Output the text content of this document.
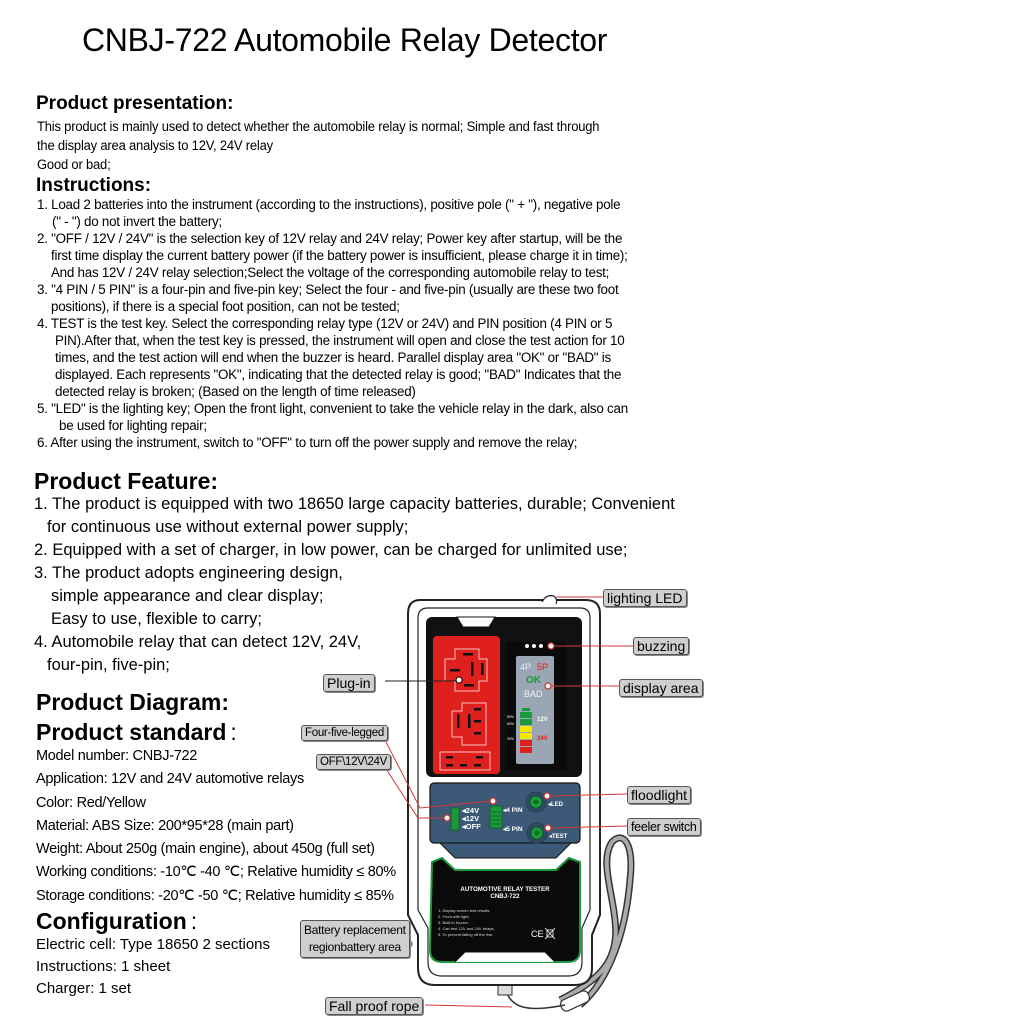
CNBJ-722 Automobile Relay Detector
Product presentation:
This product is mainly used to detect whether the automobile relay is normal; Simple and fast through
the display area analysis to 12V, 24V relay
Good or bad;
Instructions:
1. Load 2 batteries into the instrument (according to the instructions), positive pole (" + "), negative pole
(" - ") do not invert the battery;
2. "OFF / 12V / 24V" is the selection key of 12V relay and 24V relay; Power key after startup, will be the
first time display the current battery power (if the battery power is insufficient, please charge it in time);
And has 12V / 24V relay selection;Select the voltage of the corresponding automobile relay to test;
3. "4 PIN / 5 PIN" is a four-pin and five-pin key; Select the four - and five-pin (usually are these two foot
positions), if there is a special foot position, can not be tested;
4. TEST is the test key. Select the corresponding relay type (12V or 24V) and PIN position (4 PIN or 5
PIN).After that, when the test key is pressed, the instrument will open and close the test action for 10
times, and the test action will end when the buzzer is heard. Parallel display area "OK" or "BAD" is
displayed. Each represents "OK", indicating that the detected relay is good; "BAD" Indicates that the
detected relay is broken; (Based on the length of time released)
5. "LED" is the lighting key; Open the front light, convenient to take the vehicle relay in the dark, also can
be used for lighting repair;
6. After using the instrument, switch to "OFF" to turn off the power supply and remove the relay;
Product Feature:
1. The product is equipped with two 18650 large capacity batteries, durable; Convenient
for continuous use without external power supply;
2. Equipped with a set of charger, in low power, can be charged for unlimited use;
3. The product adopts engineering design,
simple appearance and clear display;
Easy to use, flexible to carry;
4. Automobile relay that can detect 12V, 24V,
four-pin, five-pin;
Product Diagram:
Product standard :
Model number: CNBJ-722
Application: 12V and 24V automotive relays
Color: Red/Yellow
Material: ABS Size: 200*95*28 (main part)
Weight: About 250g (main engine), about 450g (full set)
Working conditions: -10℃ -40 ℃; Relative humidity ≤ 80%
Storage conditions: -20℃ -50 ℃; Relative humidity ≤ 85%
Configuration :
Electric cell: Type 18650 2 sections
Instructions: 1 sheet
Charger: 1 set
4P 5P
OK
BAD
80%
60%
30%
12V
24V
◂24V
◂12V
◂OFF
◂4 PIN
◂5 PIN
◂LED
◂TEST
AUTOMOTIVE RELAY TESTER
CNBJ-722
1. Display screen test results;
2. Front with light;
3. Built-in buzzer;
4. Can test 12V and 24V relays;
5. To prevent falling off the line;	CE
lighting LED
buzzing
display area
Plug-in
Four-five-legged
OFF\12V\24V
floodlight
feeler switch
Battery replacement
regionbattery area
Fall proof rope
